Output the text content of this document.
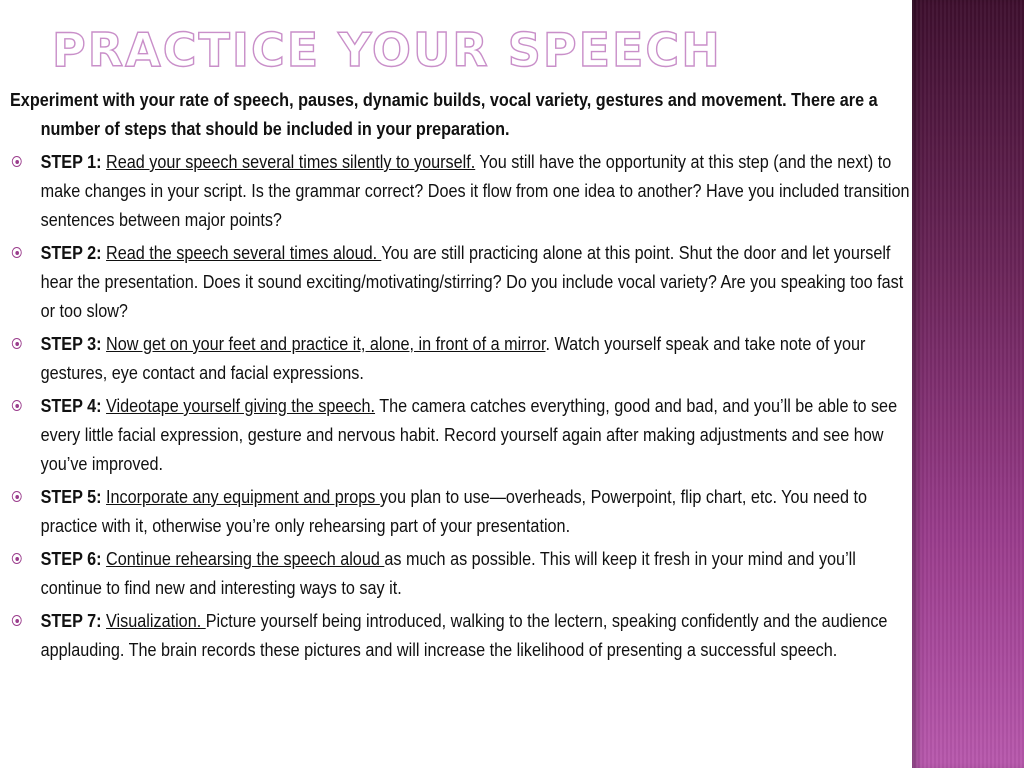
PRACTICE YOUR SPEECH

Experiment with your rate of speech, pauses, dynamic builds, vocal variety, gestures and movement. There are a number of steps that should be included in your preparation.

STEP 1: Read your speech several times silently to yourself. You still have the opportunity at this step (and the next) to make changes in your script. Is the grammar correct? Does it flow from one idea to another? Have you included transition sentences between major points?

STEP 2: Read the speech several times aloud. You are still practicing alone at this point. Shut the door and let yourself hear the presentation. Does it sound exciting/motivating/stirring? Do you include vocal variety? Are you speaking too fast or too slow?

STEP 3: Now get on your feet and practice it, alone, in front of a mirror. Watch yourself speak and take note of your gestures, eye contact and facial expressions.

STEP 4: Videotape yourself giving the speech. The camera catches everything, good and bad, and you’ll be able to see every little facial expression, gesture and nervous habit. Record yourself again after making adjustments and see how you’ve improved.

STEP 5: Incorporate any equipment and props you plan to use—overheads, Powerpoint, flip chart, etc. You need to practice with it, otherwise you’re only rehearsing part of your presentation.

STEP 6: Continue rehearsing the speech aloud as much as possible. This will keep it fresh in your mind and you’ll continue to find new and interesting ways to say it.

STEP 7: Visualization. Picture yourself being introduced, walking to the lectern, speaking confidently and the audience applauding. The brain records these pictures and will increase the likelihood of presenting a successful speech.
